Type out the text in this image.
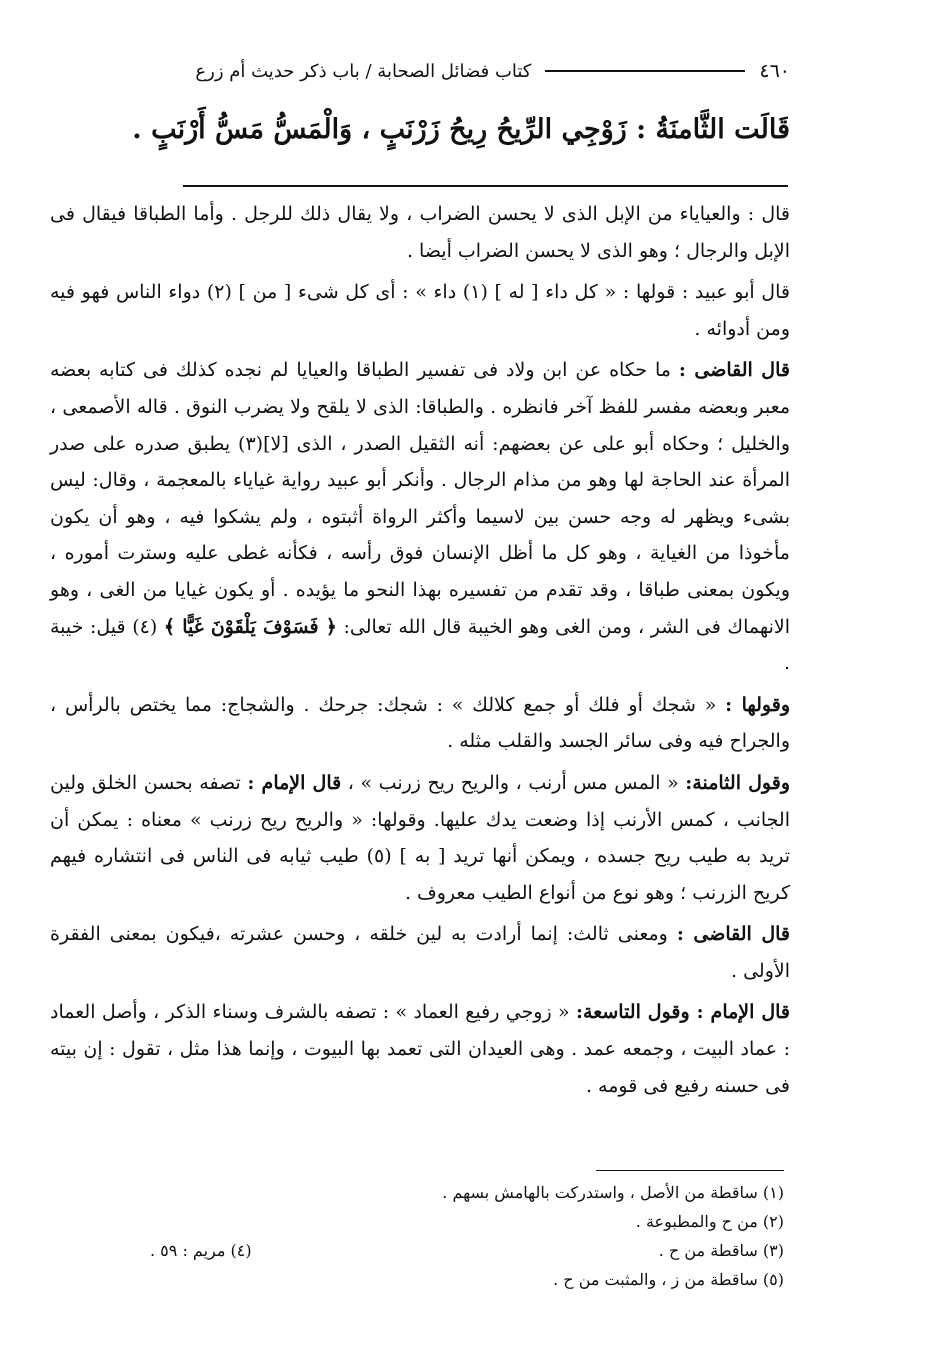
٤٦٠
كتاب فضائل الصحابة / باب ذكر حديث أم زرع
قَالَت الثَّامنَةُ : زَوْجِي الرِّيحُ رِيحُ زَرْنَبٍ ، وَالْمَسُّ مَسُّ أَرْنَبٍ .

قال : والعياياء من الإبل الذى لا يحسن الضراب ، ولا يقال ذلك للرجل . وأما الطباقا فيقال فى الإبل والرجال ؛ وهو الذى لا يحسن الضراب أيضا .

قال أبو عبيد : قولها : « كل داء [ له ] (١) داء » : أى كل شىء [ من ] (٢) دواء الناس فهو فيه ومن أدوائه .

قال القاضى : ما حكاه عن ابن ولاد فى تفسير الطباقا والعيايا لم نجده كذلك فى كتابه بعضه معبر وبعضه مفسر للفظ آخر فانظره . والطباقا: الذى لا يلقح ولا يضرب النوق . قاله الأصمعى ، والخليل ؛ وحكاه أبو على عن بعضهم: أنه الثقيل الصدر ، الذى [لا](٣) يطبق صدره على صدر المرأة عند الحاجة لها وهو من مذام الرجال . وأنكر أبو عبيد رواية غياياء بالمعجمة ، وقال: ليس بشىء ويظهر له وجه حسن بين لاسيما وأكثر الرواة أثبتوه ، ولم يشكوا فيه ، وهو أن يكون مأخوذا من الغياية ، وهو كل ما أظل الإنسان فوق رأسه ، فكأنه غطى عليه وسترت أموره ، ويكون بمعنى طباقا ، وقد تقدم من تفسيره بهذا النحو ما يؤيده . أو يكون غيايا من الغى ، وهو الانهماك فى الشر ، ومن الغى وهو الخيبة قال الله تعالى: ﴿ فَسَوْفَ يَلْقَوْنَ غَيًّا ﴾ (٤) قيل: خيبة .

وقولها : « شجك أو فلك أو جمع كلالك » : شجك: جرحك . والشجاج: مما يختص بالرأس ، والجراح فيه وفى سائر الجسد والقلب مثله .

وقول الثامنة: « المس مس أرنب ، والريح ريح زرنب » ، قال الإمام : تصفه بحسن الخلق ولين الجانب ، كمس الأرنب إذا وضعت يدك عليها. وقولها: « والريح ريح زرنب » معناه : يمكن أن تريد به طيب ريح جسده ، ويمكن أنها تريد [ به ] (٥) طيب ثيابه فى الناس فى انتشاره فيهم كريح الزرنب ؛ وهو نوع من أنواع الطيب معروف .

قال القاضى : ومعنى ثالث: إنما أرادت به لين خلقه ، وحسن عشرته ،فيكون بمعنى الفقرة الأولى .

قال الإمام : وقول التاسعة: « زوجي رفيع العماد » : تصفه بالشرف وسناء الذكر ، وأصل العماد : عماد البيت ، وجمعه عمد . وهى العيدان التى تعمد بها البيوت ، وإنما هذا مثل ، تقول : إن بيته فى حسنه رفيع فى قومه .

(١) ساقطة من الأصل ، واستدركت بالهامش بسهم .
(٢) من ح والمطبوعة .
(٣) ساقطة من ح .
(٤) مريم : ٥٩ .
(٥) ساقطة من ز ، والمثبت من ح .
